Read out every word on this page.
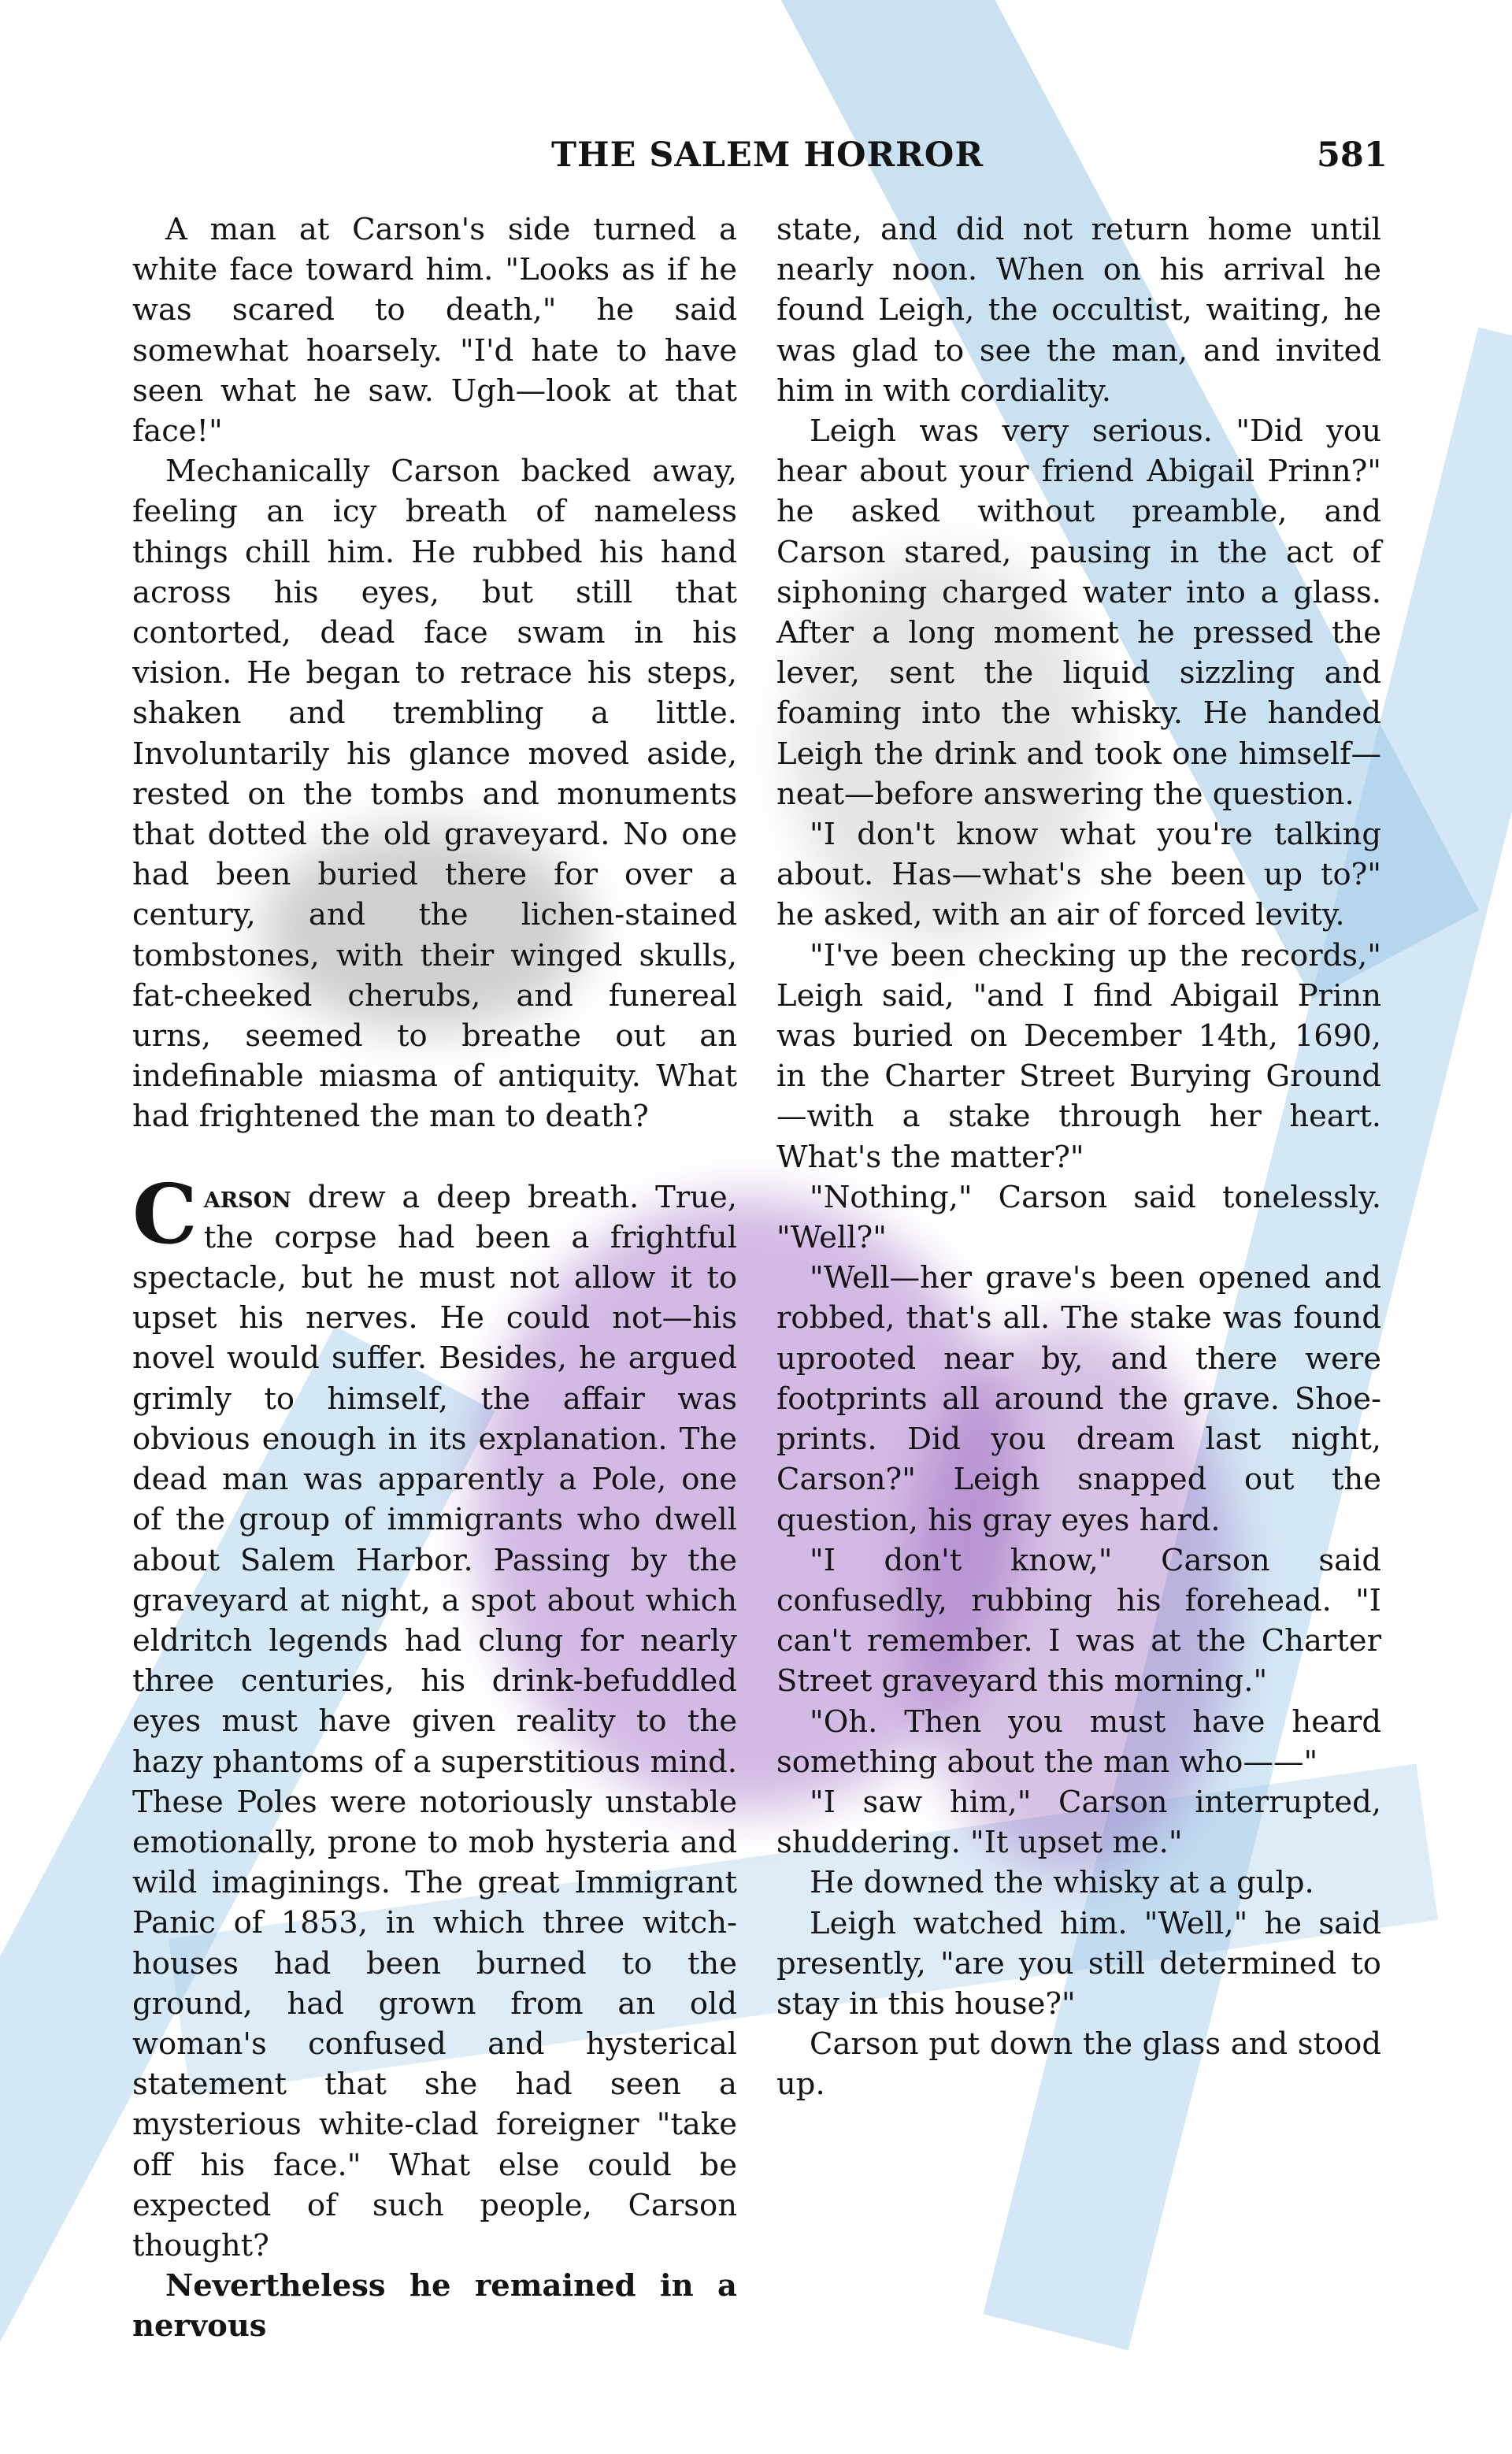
THE SALEM HORROR	581

A man at Carson's side turned a white face toward him. "Looks as if he was scared to death," he said somewhat hoarsely. "I'd hate to have seen what he saw. Ugh—look at that face!"

Mechanically Carson backed away, feeling an icy breath of nameless things chill him. He rubbed his hand across his eyes, but still that contorted, dead face swam in his vision. He began to retrace his steps, shaken and trembling a little. Involuntarily his glance moved aside, rested on the tombs and monuments that dotted the old graveyard. No one had been buried there for over a century, and the lichen-stained tombstones, with their winged skulls, fat-cheeked cherubs, and funereal urns, seemed to breathe out an indefinable miasma of antiquity. What had frightened the man to death?

Carson drew a deep breath. True, the corpse had been a frightful spectacle, but he must not allow it to upset his nerves. He could not—his novel would suffer. Besides, he argued grimly to himself, the affair was obvious enough in its explanation. The dead man was apparently a Pole, one of the group of immigrants who dwell about Salem Harbor. Passing by the graveyard at night, a spot about which eldritch legends had clung for nearly three centuries, his drink-befuddled eyes must have given reality to the hazy phantoms of a superstitious mind. These Poles were notoriously unstable emotionally, prone to mob hysteria and wild imaginings. The great Immigrant Panic of 1853, in which three witch-houses had been burned to the ground, had grown from an old woman's confused and hysterical statement that she had seen a mysterious white-clad foreigner "take off his face." What else could be expected of such people, Carson thought?

Nevertheless he remained in a nervous

state, and did not return home until nearly noon. When on his arrival he found Leigh, the occultist, waiting, he was glad to see the man, and invited him in with cordiality.

Leigh was very serious. "Did you hear about your friend Abigail Prinn?" he asked without preamble, and Carson stared, pausing in the act of siphoning charged water into a glass. After a long moment he pressed the lever, sent the liquid sizzling and foaming into the whisky. He handed Leigh the drink and took one himself—neat—before answering the question.

"I don't know what you're talking about. Has—what's she been up to?" he asked, with an air of forced levity.

"I've been checking up the records," Leigh said, "and I find Abigail Prinn was buried on December 14th, 1690, in the Charter Street Burying Ground—with a stake through her heart. What's the matter?"

"Nothing," Carson said tonelessly. "Well?"

"Well—her grave's been opened and robbed, that's all. The stake was found uprooted near by, and there were footprints all around the grave. Shoe-prints. Did you dream last night, Carson?" Leigh snapped out the question, his gray eyes hard.

"I don't know," Carson said confusedly, rubbing his forehead. "I can't remember. I was at the Charter Street graveyard this morning."

"Oh. Then you must have heard something about the man who——"

"I saw him," Carson interrupted, shuddering. "It upset me."

He downed the whisky at a gulp.

Leigh watched him. "Well," he said presently, "are you still determined to stay in this house?"

Carson put down the glass and stood up.
